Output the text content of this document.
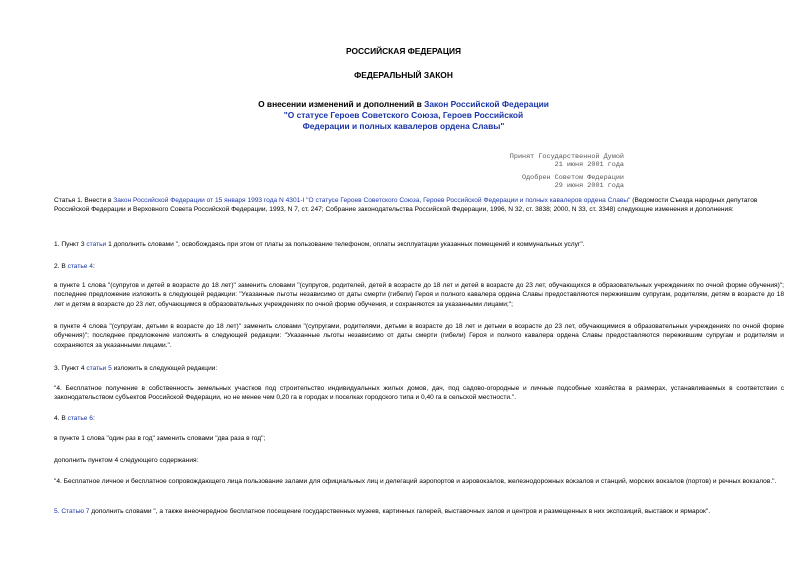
РОССИЙСКАЯ ФЕДЕРАЦИЯ
ФЕДЕРАЛЬНЫЙ ЗАКОН
О внесении изменений и дополнений в Закон Российской Федерации
"О статусе Героев Советского Союза, Героев Российской
Федерации и полных кавалеров ордена Славы"
Принят Государственной Думой
21 июня 2001 года
Одобрен Советом Федерации
29 июня 2001 года
Статья 1. Внести в Закон Российской Федерации от 15 января 1993 года N 4301-I "О статусе Героев Советского Союза, Героев Российской Федерации и полных кавалеров ордена Славы" (Ведомости Съезда народных депутатов Российской Федерации и Верховного Совета Российской Федерации, 1993, N 7, ст. 247; Собрание законодательства Российской Федерации, 1996, N 32, ст. 3838; 2000, N 33, ст. 3348) следующие изменения и дополнения:
1. Пункт 3 статьи 1 дополнить словами ", освобождаясь при этом от платы за пользование телефоном, оплаты эксплуатации указанных помещений и коммунальных услуг".
2. В статье 4:
в пункте 1 слова "(супругов и детей в возрасте до 18 лет)" заменить словами "(супругов, родителей, детей в возрасте до 18 лет и детей в возрасте до 23 лет, обучающихся в образовательных учреждениях по очной форме обучения)"; последнее предложение изложить в следующей редакции: "Указанные льготы независимо от даты смерти (гибели) Героя и полного кавалера ордена Славы предоставляются пережившим супругам, родителям, детям в возрасте до 18 лет и детям в возрасте до 23 лет, обучающимся в образовательных учреждениях по очной форме обучения, и сохраняются за указанными лицами;";
в пункте 4 слова "(супругам, детьми в возрасте до 18 лет)" заменить словами "(супругами, родителями, детьми в возрасте до 18 лет и детьми в возрасте до 23 лет, обучающимися в образовательных учреждениях по очной форме обучения)"; последнее предложение изложить в следующей редакции: "Указанные льготы независимо от даты смерти (гибели) Героя и полного кавалера ордена Славы предоставляются пережившим супругам и родителям и сохраняются за указанными лицами.".
3. Пункт 4 статьи 5 изложить в следующей редакции:
"4. Бесплатное получение в собственность земельных участков под строительство индивидуальных жилых домов, дач, под садово-огородные и личные подсобные хозяйства в размерах, устанавливаемых в соответствии с законодательством субъектов Российской Федерации, но не менее чем 0,20 га в городах и поселках городского типа и 0,40 га в сельской местности.".
4. В статье 6:
в пункте 1 слова "один раз в год" заменить словами "два раза в год";
дополнить пунктом 4 следующего содержания:
"4. Бесплатное личное и бесплатное сопровождающего лица пользование залами для официальных лиц и делегаций аэропортов и аэровокзалов, железнодорожных вокзалов и станций, морских вокзалов (портов) и речных вокзалов.".
5. Статью 7 дополнить словами ", а также внеочередное бесплатное посещение государственных музеев, картинных галерей, выставочных залов и центров и размещенных в них экспозиций, выставок и ярмарок".
